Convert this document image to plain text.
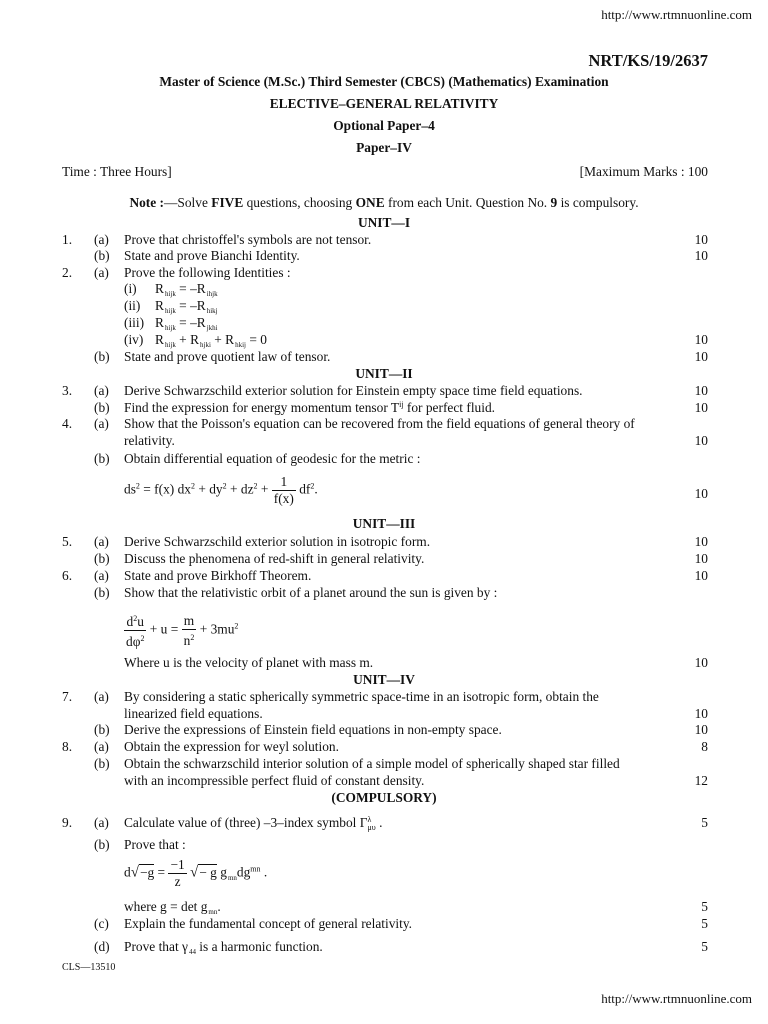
http://www.rtmnuonline.com
NRT/KS/19/2637
Master of Science (M.Sc.) Third Semester (CBCS) (Mathematics) Examination
ELECTIVE–GENERAL RELATIVITY
Optional Paper–4
Paper–IV
Time : Three Hours]	[Maximum Marks : 100
Note :—Solve FIVE questions, choosing ONE from each Unit. Question No. 9 is compulsory.
UNIT—I
1.	(a) Prove that christoffel's symbols are not tensor.	10
(b) State and prove Bianchi Identity.	10
2.	(a) Prove the following Identities :
(i) $R_{hijk} = -R_{ihjk}$
(ii) $R_{hijk} = -R_{hikj}$
(iii) $R_{hijk} = -R_{jkhi}$
(iv) $R_{hijk} + R_{hjki} + R_{hkij} = 0$	10
(b) State and prove quotient law of tensor.	10
UNIT—II
3.	(a) Derive Schwarzschild exterior solution for Einstein empty space time field equations.	10
(b) Find the expression for energy momentum tensor $T^{ij}$ for perfect fluid.	10
4.	(a) Show that the Poisson's equation can be recovered from the field equations of general theory of
relativity.	10
(b) Obtain differential equation of geodesic for the metric :
$ds^2 = f(x) dx^2 + dy^2 + dz^2 + \frac{1}{f(x)} df^2$.	10
UNIT—III
5.	(a) Derive Schwarzschild exterior solution in isotropic form.	10
(b) Discuss the phenomena of red-shift in general relativity.	10
6.	(a) State and prove Birkhoff Theorem.	10
(b) Show that the relativistic orbit of a planet around the sun is given by :
$\frac{d^2u}{d\varphi^2} + u = \frac{m}{n^2} + 3mu^2$
Where u is the velocity of planet with mass m.	10
UNIT—IV
7.	(a) By considering a static spherically symmetric space-time in an isotropic form, obtain the
linearized field equations.	10
(b) Derive the expressions of Einstein field equations in non-empty space.	10
8.	(a) Obtain the expression for weyl solution.	8
(b) Obtain the schwarzschild interior solution of a simple model of spherically shaped star filled
with an incompressible perfect fluid of constant density.	12
(COMPULSORY)
9.	(a) Calculate value of (three) –3–index symbol Γ λ
μυ .	5
(b) Prove that :
$d√-g = \frac{-1}{z}$ √− g $g_{mn}dg^{mn}$ .
where $g = \det g_{mn}$.	5
(c) Explain the fundamental concept of general relativity.	5
(d) Prove that $\gamma_{44}$ is a harmonic function.	5
CLS—13510
http://www.rtmnuonline.com
